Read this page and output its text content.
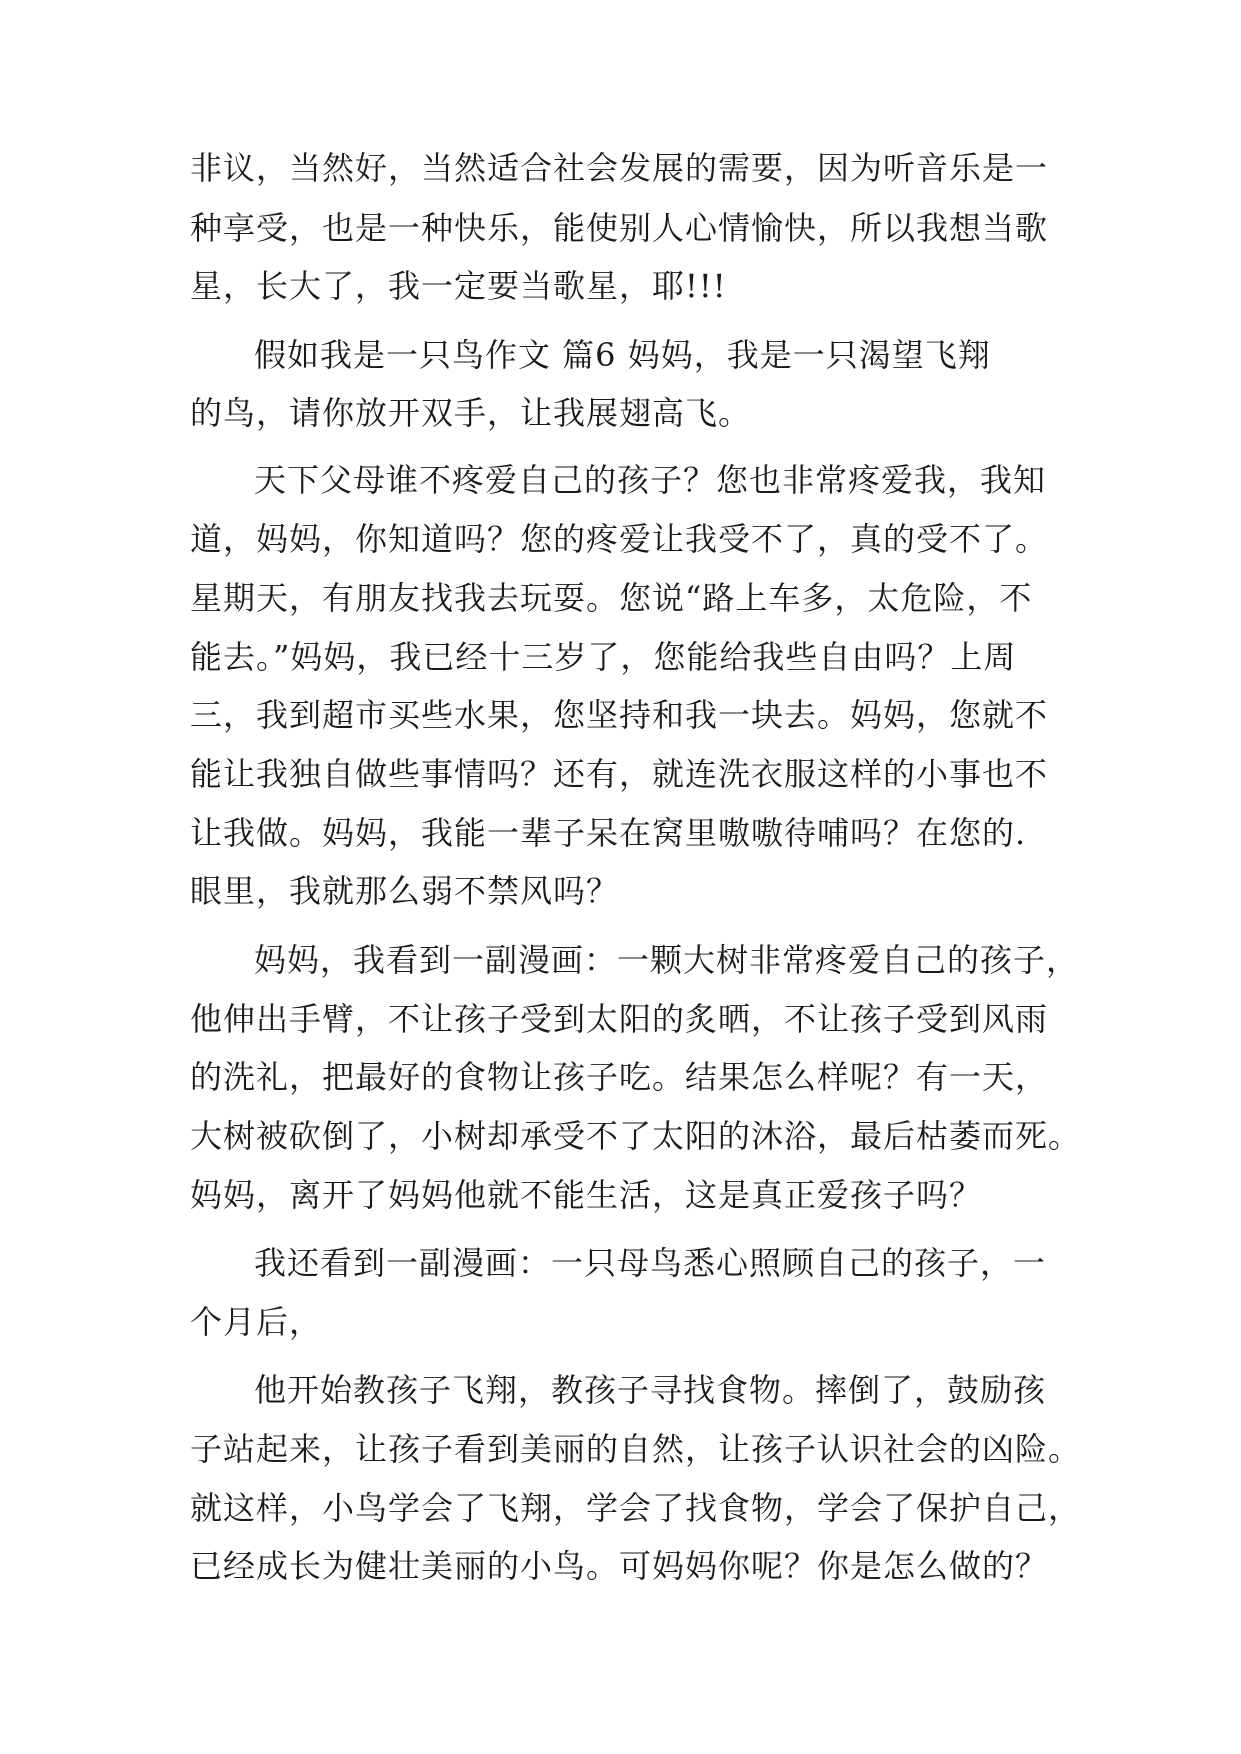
非议，当然好，当然适合社会发展的需要，因为听音乐是一
种享受，也是一种快乐，能使别人心情愉快，所以我想当歌
星，长大了，我一定要当歌星，耶!!!
假如我是一只鸟作文 篇6 妈妈，我是一只渴望飞翔
的鸟，请你放开双手，让我展翅高飞。
天下父母谁不疼爱自己的孩子？您也非常疼爱我，我知
道，妈妈，你知道吗？您的疼爱让我受不了，真的受不了。
星期天，有朋友找我去玩耍。您说“路上车多，太危险，不
能去。”妈妈，我已经十三岁了，您能给我些自由吗？上周
三，我到超市买些水果，您坚持和我一块去。妈妈，您就不
能让我独自做些事情吗？还有，就连洗衣服这样的小事也不
让我做。妈妈，我能一辈子呆在窝里嗷嗷待哺吗？在您的.
眼里，我就那么弱不禁风吗？
妈妈，我看到一副漫画：一颗大树非常疼爱自己的孩子，
他伸出手臂，不让孩子受到太阳的炙晒，不让孩子受到风雨
的洗礼，把最好的食物让孩子吃。结果怎么样呢？有一天，
大树被砍倒了，小树却承受不了太阳的沐浴，最后枯萎而死。
妈妈，离开了妈妈他就不能生活，这是真正爱孩子吗？
我还看到一副漫画：一只母鸟悉心照顾自己的孩子，一
个月后，
他开始教孩子飞翔，教孩子寻找食物。摔倒了，鼓励孩
子站起来，让孩子看到美丽的自然，让孩子认识社会的凶险。
就这样，小鸟学会了飞翔，学会了找食物，学会了保护自己，
已经成长为健壮美丽的小鸟。可妈妈你呢？你是怎么做的？
